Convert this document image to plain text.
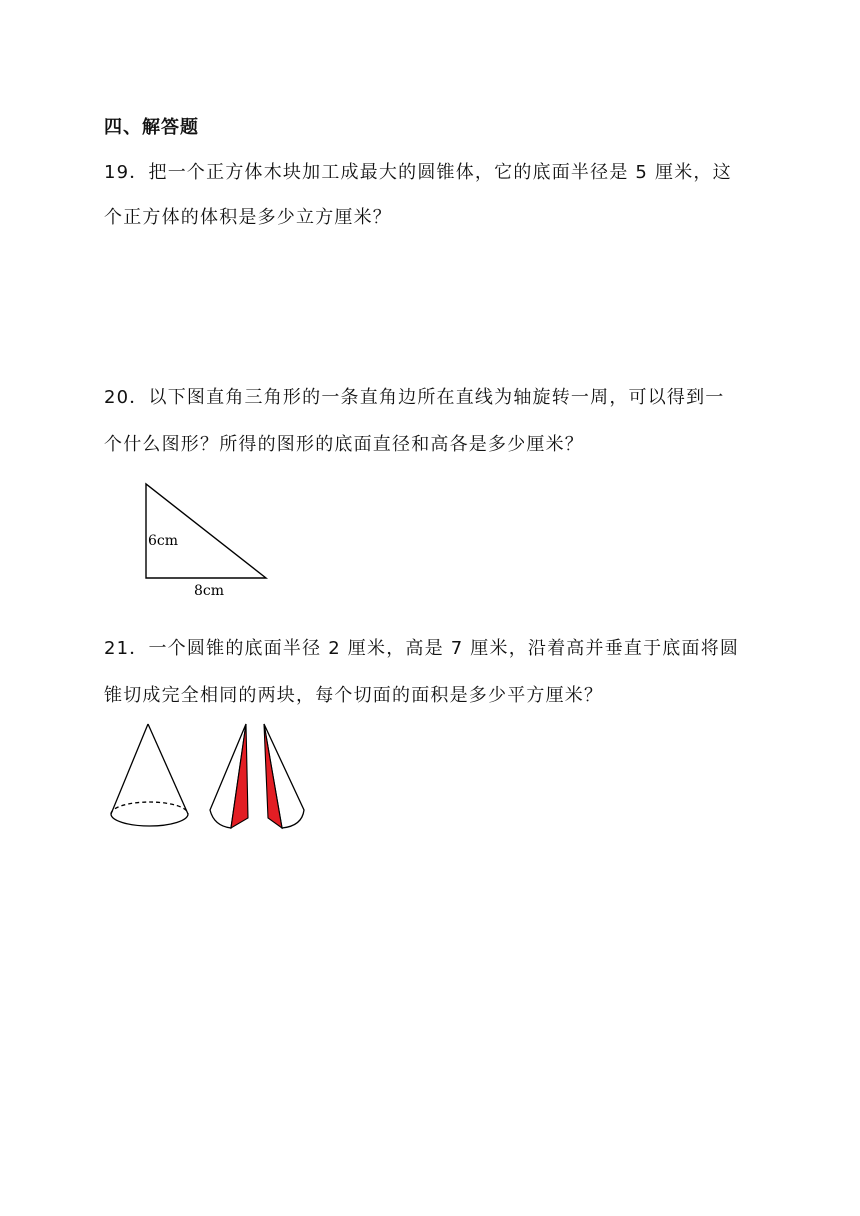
四、解答题
19．把一个正方体木块加工成最大的圆锥体，它的底面半径是 5 厘米，这
个正方体的体积是多少立方厘米？
20．以下图直角三角形的一条直角边所在直线为轴旋转一周，可以得到一
个什么图形？所得的图形的底面直径和高各是多少厘米？
6cm
8cm
21．一个圆锥的底面半径 2 厘米，高是 7 厘米，沿着高并垂直于底面将圆
锥切成完全相同的两块，每个切面的面积是多少平方厘米？
